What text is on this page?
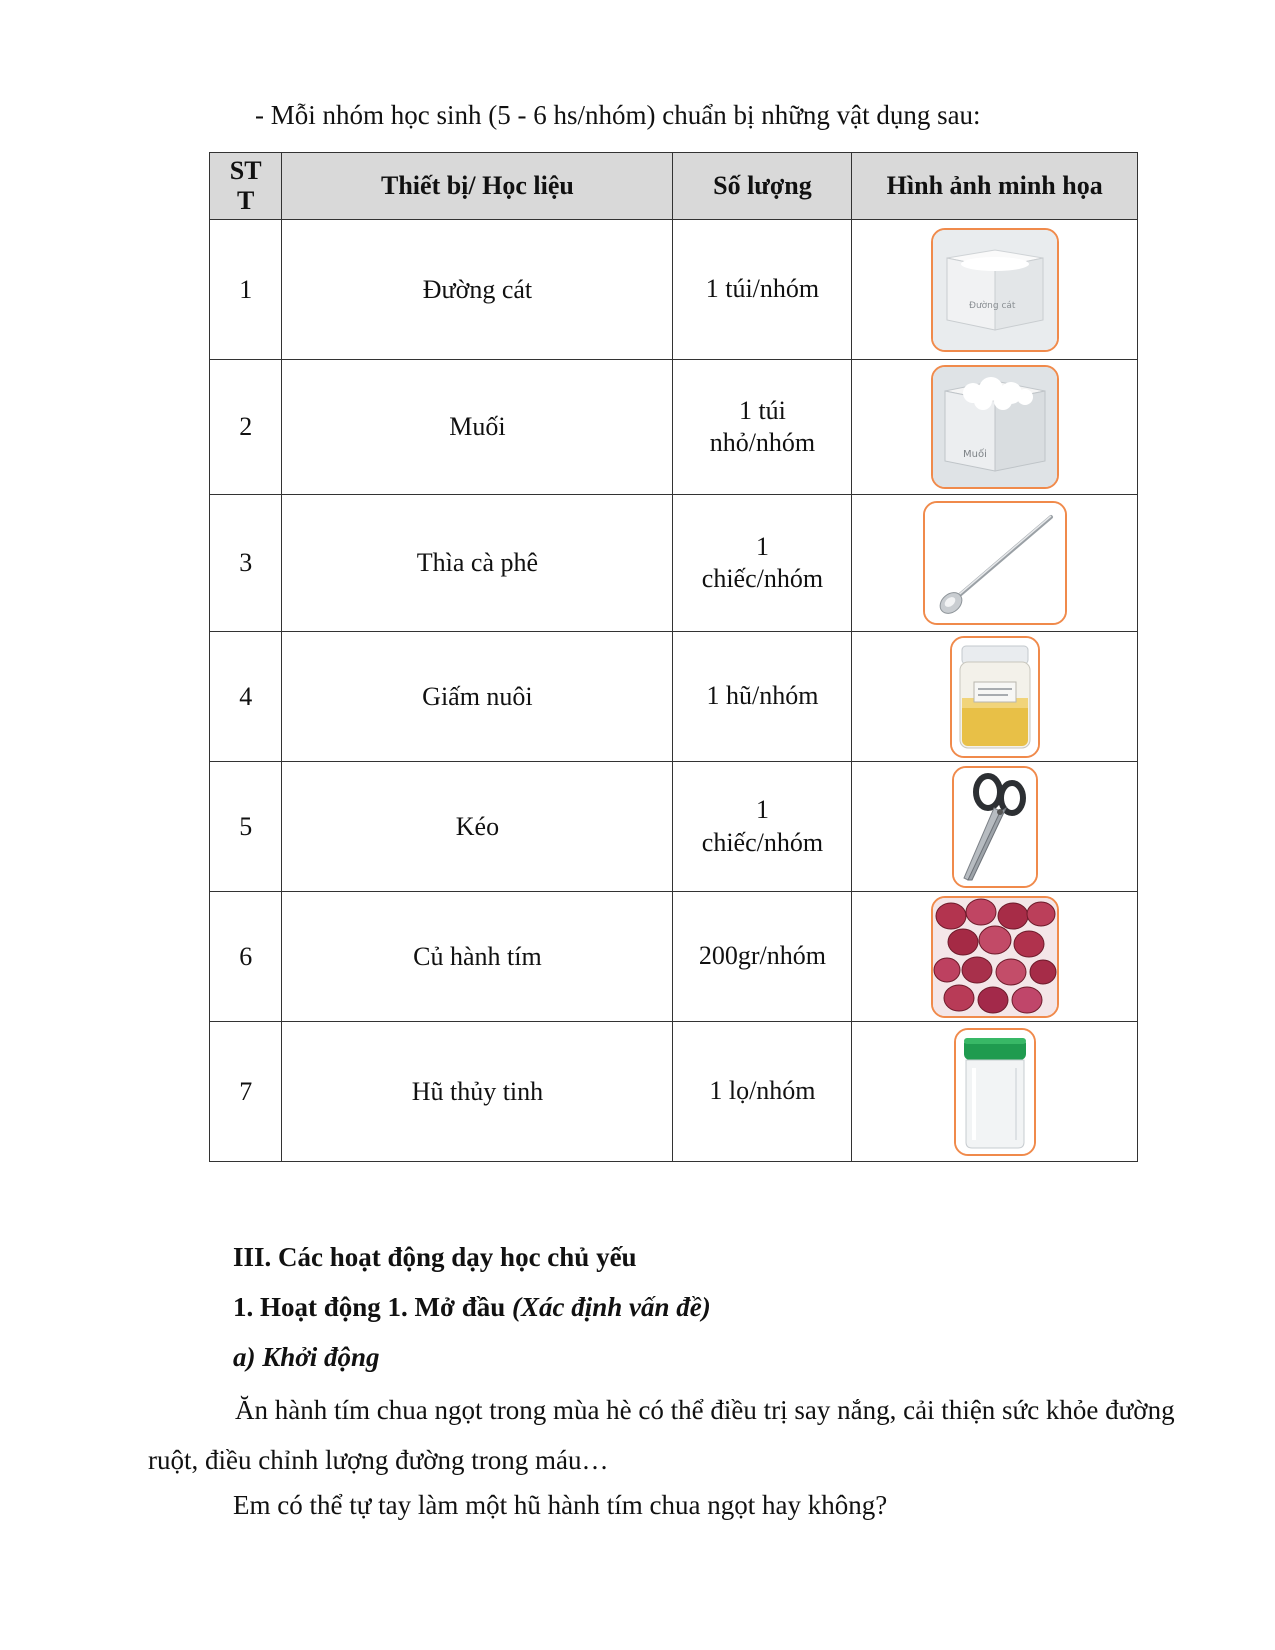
- Mỗi nhóm học sinh (5 - 6 hs/nhóm) chuẩn bị những vật dụng sau:
STT	Thiết bị/ Học liệu	Số lượng	Hình ảnh minh họa
1	Đường cát	1 túi/nhóm	Đường cát

2	Muối	1 túi nhỏ/nhóm	Muối

3	Thìa cà phê	1 chiếc/nhóm	
4	Giấm nuôi	1 hũ/nhóm	
5	Kéo	1 chiếc/nhóm	
6	Củ hành tím	200gr/nhóm	
7	Hũ thủy tinh	1 lọ/nhóm	
III. Các hoạt động dạy học chủ yếu
1. Hoạt động 1. Mở đầu (Xác định vấn đề)
a) Khởi động
Ăn hành tím chua ngọt trong mùa hè có thể điều trị say nắng, cải thiện sức khỏe đường ruột, điều chỉnh lượng đường trong máu…
Em có thể tự tay làm một hũ hành tím chua ngọt hay không?
